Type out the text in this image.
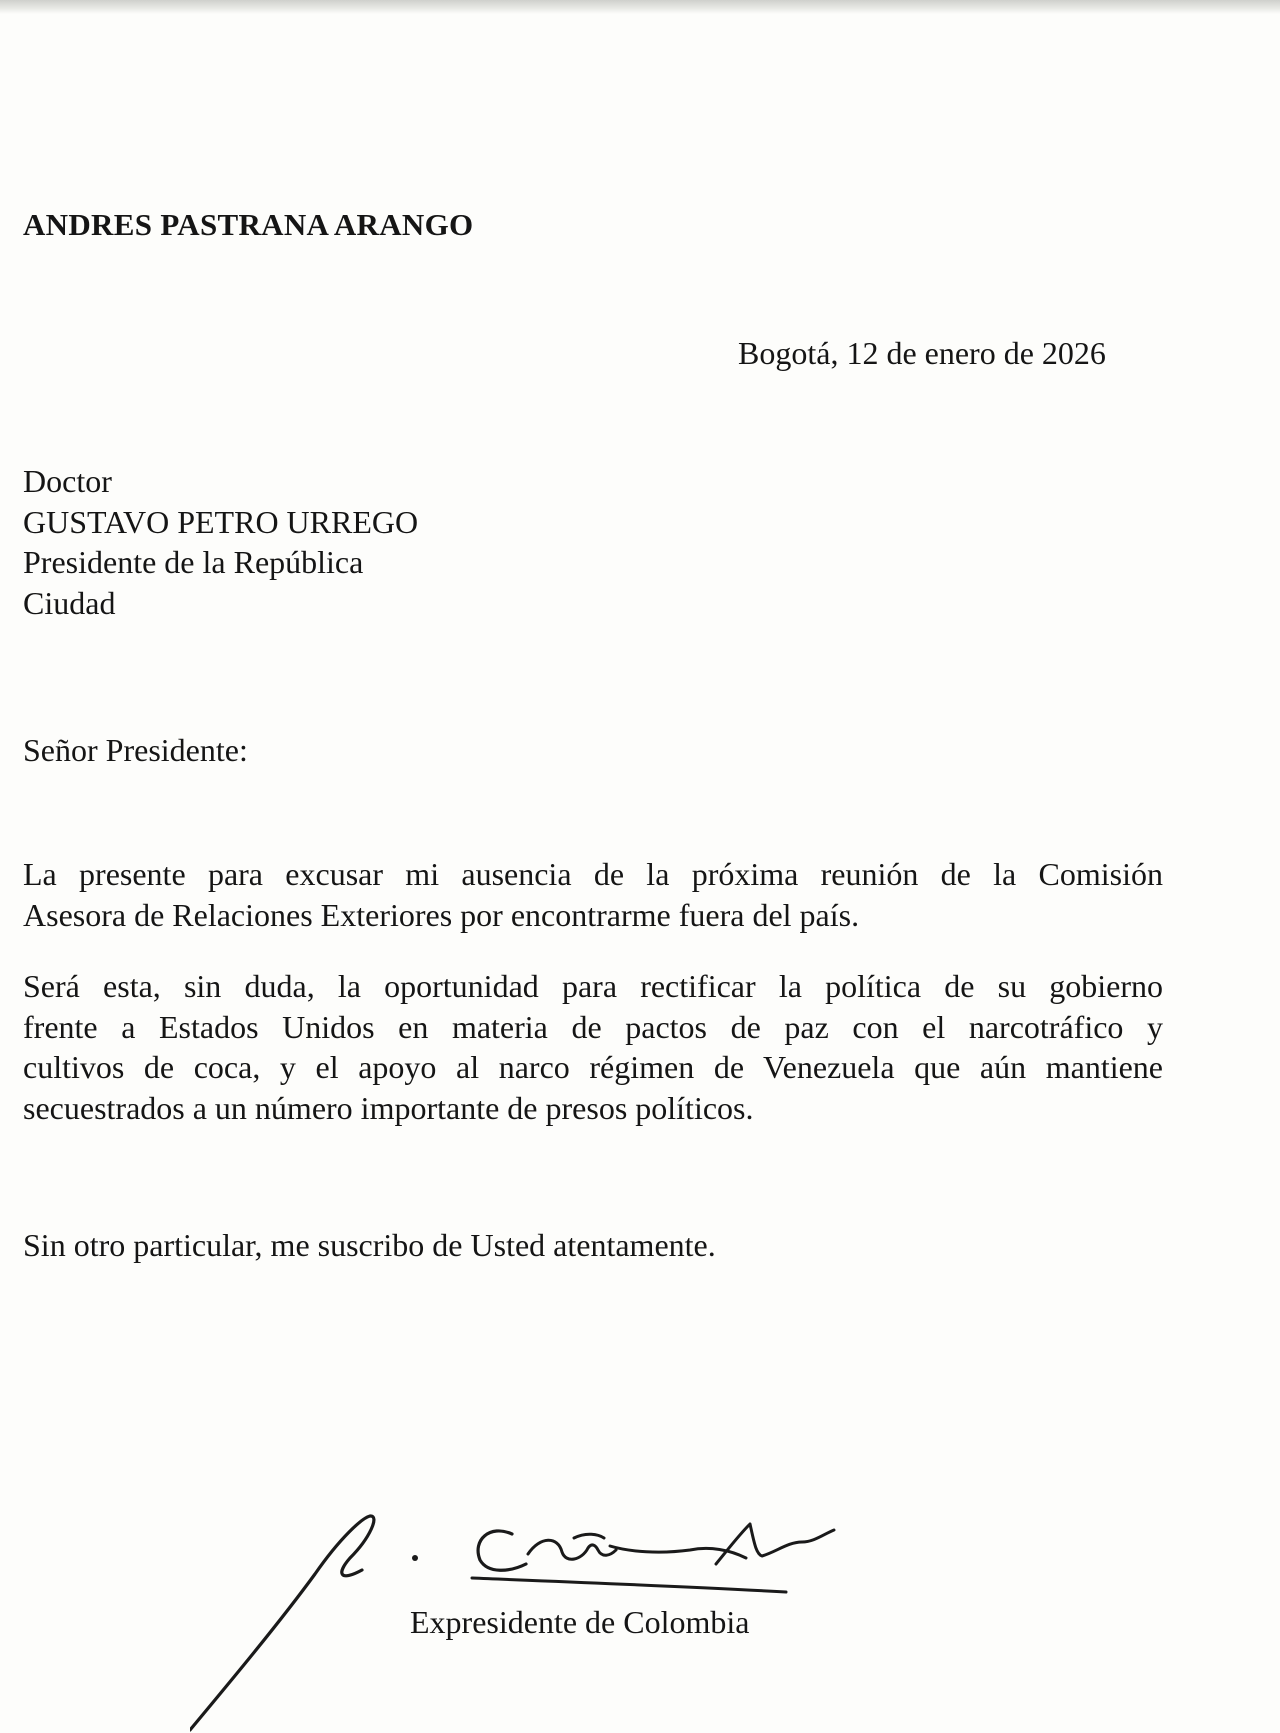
ANDRES PASTRANA ARANGO

Bogotá, 12 de enero de 2026

Doctor
GUSTAVO PETRO URREGO
Presidente de la República
Ciudad

Señor Presidente:

La presente para excusar mi ausencia de la próxima reunión de la Comisión
Asesora de Relaciones Exteriores por encontrarme fuera del país.
Será esta, sin duda, la oportunidad para rectificar la política de su gobierno
frente a Estados Unidos en materia de pactos de paz con el narcotráfico y
cultivos de coca, y el apoyo al narco régimen de Venezuela que aún mantiene
secuestrados a un número importante de presos políticos.

Sin otro particular, me suscribo de Usted atentamente.

Expresidente de Colombia
